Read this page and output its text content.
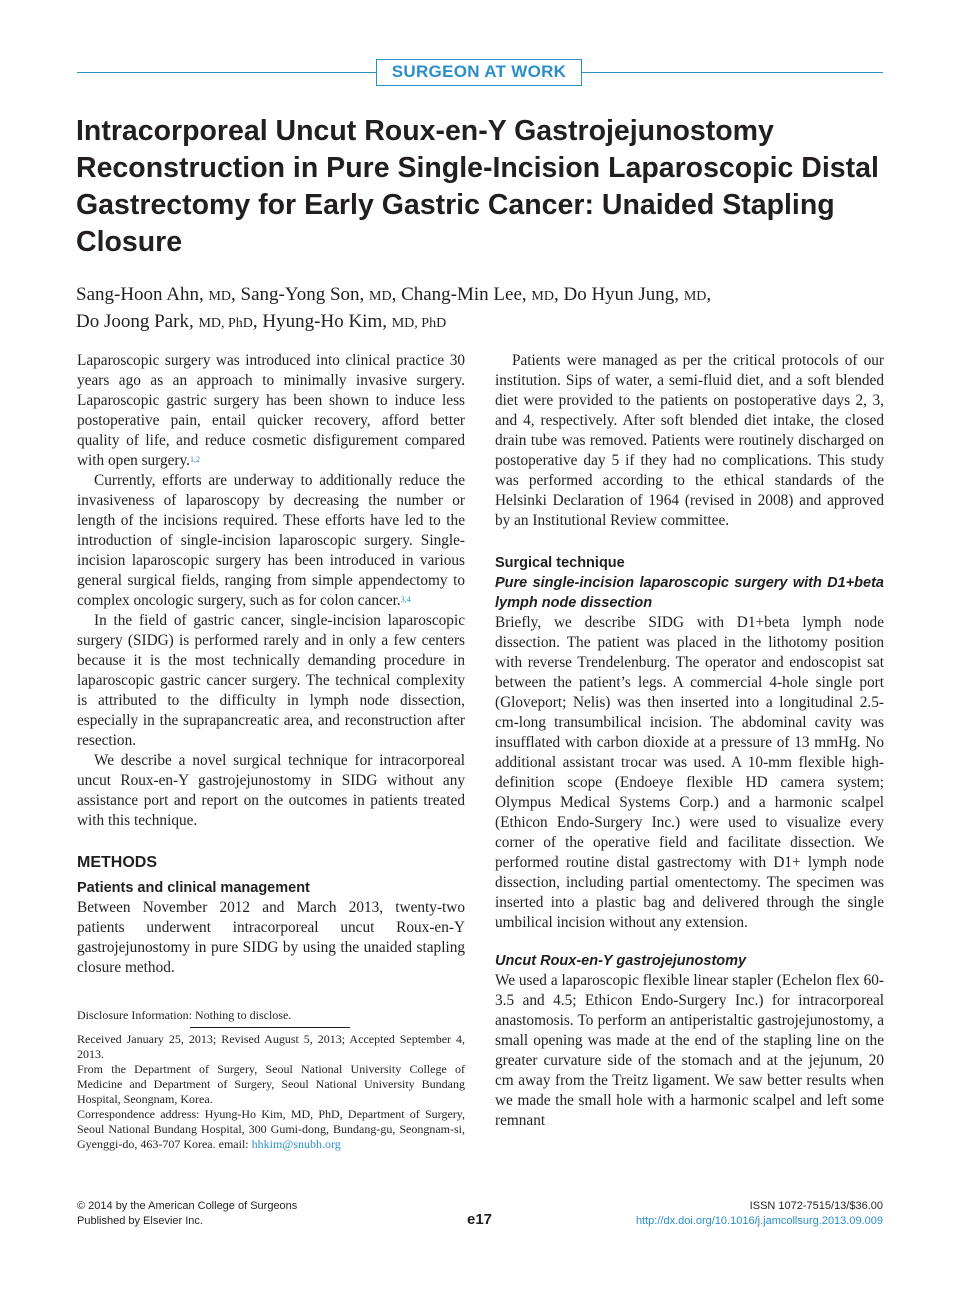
SURGEON AT WORK
Intracorporeal Uncut Roux-en-Y Gastrojejunostomy Reconstruction in Pure Single-Incision Laparoscopic Distal Gastrectomy for Early Gastric Cancer: Unaided Stapling Closure
Sang-Hoon Ahn, MD, Sang-Yong Son, MD, Chang-Min Lee, MD, Do Hyun Jung, MD,
Do Joong Park, MD, PhD, Hyung-Ho Kim, MD, PhD

Laparoscopic surgery was introduced into clinical practice 30 years ago as an approach to minimally invasive surgery. Laparoscopic gastric surgery has been shown to induce less postoperative pain, entail quicker recovery, afford better quality of life, and reduce cosmetic disfigurement compared with open surgery.$^{1,2}$

Currently, efforts are underway to additionally reduce the invasiveness of laparoscopy by decreasing the number or length of the incisions required. These efforts have led to the introduction of single-incision laparoscopic surgery. Single-incision laparoscopic surgery has been introduced in various general surgical fields, ranging from simple appendectomy to complex oncologic surgery, such as for colon cancer.$^{3,4}$

In the field of gastric cancer, single-incision laparoscopic surgery (SIDG) is performed rarely and in only a few centers because it is the most technically demanding procedure in laparoscopic gastric cancer surgery. The technical complexity is attributed to the difficulty in lymph node dissection, especially in the suprapancreatic area, and reconstruction after resection.

We describe a novel surgical technique for intracorporeal uncut Roux-en-Y gastrojejunostomy in SIDG without any assistance port and report on the outcomes in patients treated with this technique.

METHODS
Patients and clinical management

Between November 2012 and March 2013, twenty-two patients underwent intracorporeal uncut Roux-en-Y gastrojejunostomy in pure SIDG by using the unaided stapling closure method.

Disclosure Information: Nothing to disclose.

Received January 25, 2013; Revised August 5, 2013; Accepted September 4, 2013.

From the Department of Surgery, Seoul National University College of Medicine and Department of Surgery, Seoul National University Bundang Hospital, Seongnam, Korea.

Correspondence address: Hyung-Ho Kim, MD, PhD, Department of Surgery, Seoul National Bundang Hospital, 300 Gumi-dong, Bundang-gu, Seongnam-si, Gyenggi-do, 463-707 Korea. email: hhkim@snubh.org

Patients were managed as per the critical protocols of our institution. Sips of water, a semi-fluid diet, and a soft blended diet were provided to the patients on postoperative days 2, 3, and 4, respectively. After soft blended diet intake, the closed drain tube was removed. Patients were routinely discharged on postoperative day 5 if they had no complications. This study was performed according to the ethical standards of the Helsinki Declaration of 1964 (revised in 2008) and approved by an Institutional Review committee.

Surgical technique
Pure single-incision laparoscopic surgery with D1+beta lymph node dissection

Briefly, we describe SIDG with D1+beta lymph node dissection. The patient was placed in the lithotomy position with reverse Trendelenburg. The operator and endoscopist sat between the patient’s legs. A commercial 4-hole single port (Gloveport; Nelis) was then inserted into a longitudinal 2.5-cm-long transumbilical incision. The abdominal cavity was insufflated with carbon dioxide at a pressure of 13 mmHg. No additional assistant trocar was used. A 10-mm flexible high-definition scope (Endoeye flexible HD camera system; Olympus Medical Systems Corp.) and a harmonic scalpel (Ethicon Endo-Surgery Inc.) were used to visualize every corner of the operative field and facilitate dissection. We performed routine distal gastrectomy with D1+ lymph node dissection, including partial omentectomy. The specimen was inserted into a plastic bag and delivered through the single umbilical incision without any extension.

Uncut Roux-en-Y gastrojejunostomy

We used a laparoscopic flexible linear stapler (Echelon flex 60-3.5 and 4.5; Ethicon Endo-Surgery Inc.) for intracorporeal anastomosis. To perform an antiperistaltic gastrojejunostomy, a small opening was made at the end of the stapling line on the greater curvature side of the stomach and at the jejunum, 20 cm away from the Treitz ligament. We saw better results when we made the small hole with a harmonic scalpel and left some remnant

© 2014 by the American College of Surgeons
Published by Elsevier Inc.	e17
ISSN 1072-7515/13/$36.00
http://dx.doi.org/10.1016/j.jamcollsurg.2013.09.009
